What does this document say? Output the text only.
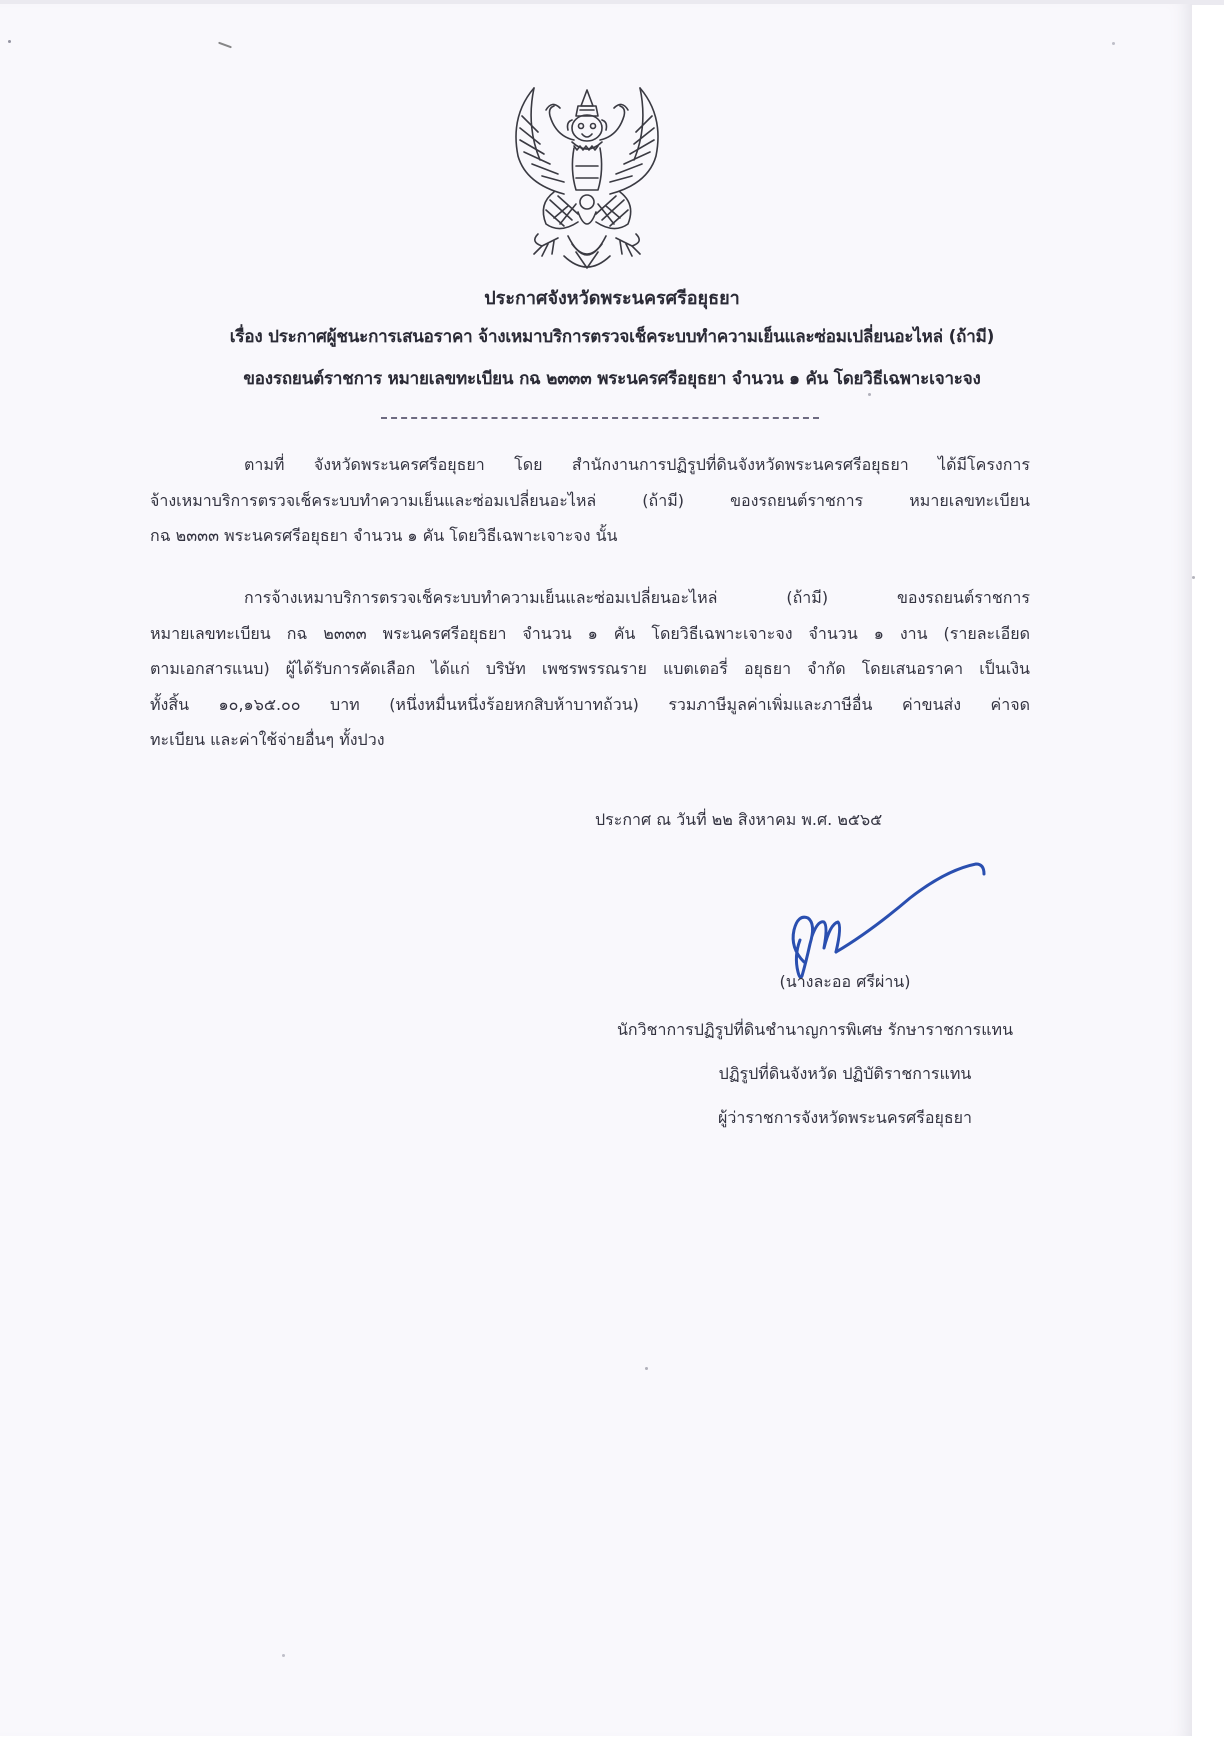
ประกาศจังหวัดพระนครศรีอยุธยา
เรื่อง ประกาศผู้ชนะการเสนอราคา จ้างเหมาบริการตรวจเช็คระบบทำความเย็นและซ่อมเปลี่ยนอะไหล่ (ถ้ามี)
ของรถยนต์ราชการ หมายเลขทะเบียน กฉ ๒๓๓๓ พระนครศรีอยุธยา จำนวน ๑ คัน โดยวิธีเฉพาะเจาะจง
ตามที่ จังหวัดพระนครศรีอยุธยา โดย สำนักงานการปฏิรูปที่ดินจังหวัดพระนครศรีอยุธยา ได้มีโครงการ
จ้างเหมาบริการตรวจเช็คระบบทำความเย็นและซ่อมเปลี่ยนอะไหล่ (ถ้ามี) ของรถยนต์ราชการ หมายเลขทะเบียน
กฉ ๒๓๓๓ พระนครศรีอยุธยา จำนวน ๑ คัน โดยวิธีเฉพาะเจาะจง นั้น
การจ้างเหมาบริการตรวจเช็คระบบทำความเย็นและซ่อมเปลี่ยนอะไหล่ (ถ้ามี) ของรถยนต์ราชการ
หมายเลขทะเบียน กฉ ๒๓๓๓ พระนครศรีอยุธยา จำนวน ๑ คัน โดยวิธีเฉพาะเจาะจง จำนวน ๑ งาน (รายละเอียด
ตามเอกสารแนบ) ผู้ได้รับการคัดเลือก ได้แก่ บริษัท เพชรพรรณราย แบตเตอรี่ อยุธยา จำกัด โดยเสนอราคา เป็นเงิน
ทั้งสิ้น ๑๐,๑๖๕.๐๐ บาท (หนึ่งหมื่นหนึ่งร้อยหกสิบห้าบาทถ้วน) รวมภาษีมูลค่าเพิ่มและภาษีอื่น ค่าขนส่ง ค่าจด
ทะเบียน และค่าใช้จ่ายอื่นๆ ทั้งปวง
ประกาศ ณ วันที่ ๒๒ สิงหาคม พ.ศ. ๒๕๖๕
(นางละออ ศรีผ่าน)
นักวิชาการปฏิรูปที่ดินชำนาญการพิเศษ รักษาราชการแทน
ปฏิรูปที่ดินจังหวัด ปฏิบัติราชการแทน
ผู้ว่าราชการจังหวัดพระนครศรีอยุธยา
